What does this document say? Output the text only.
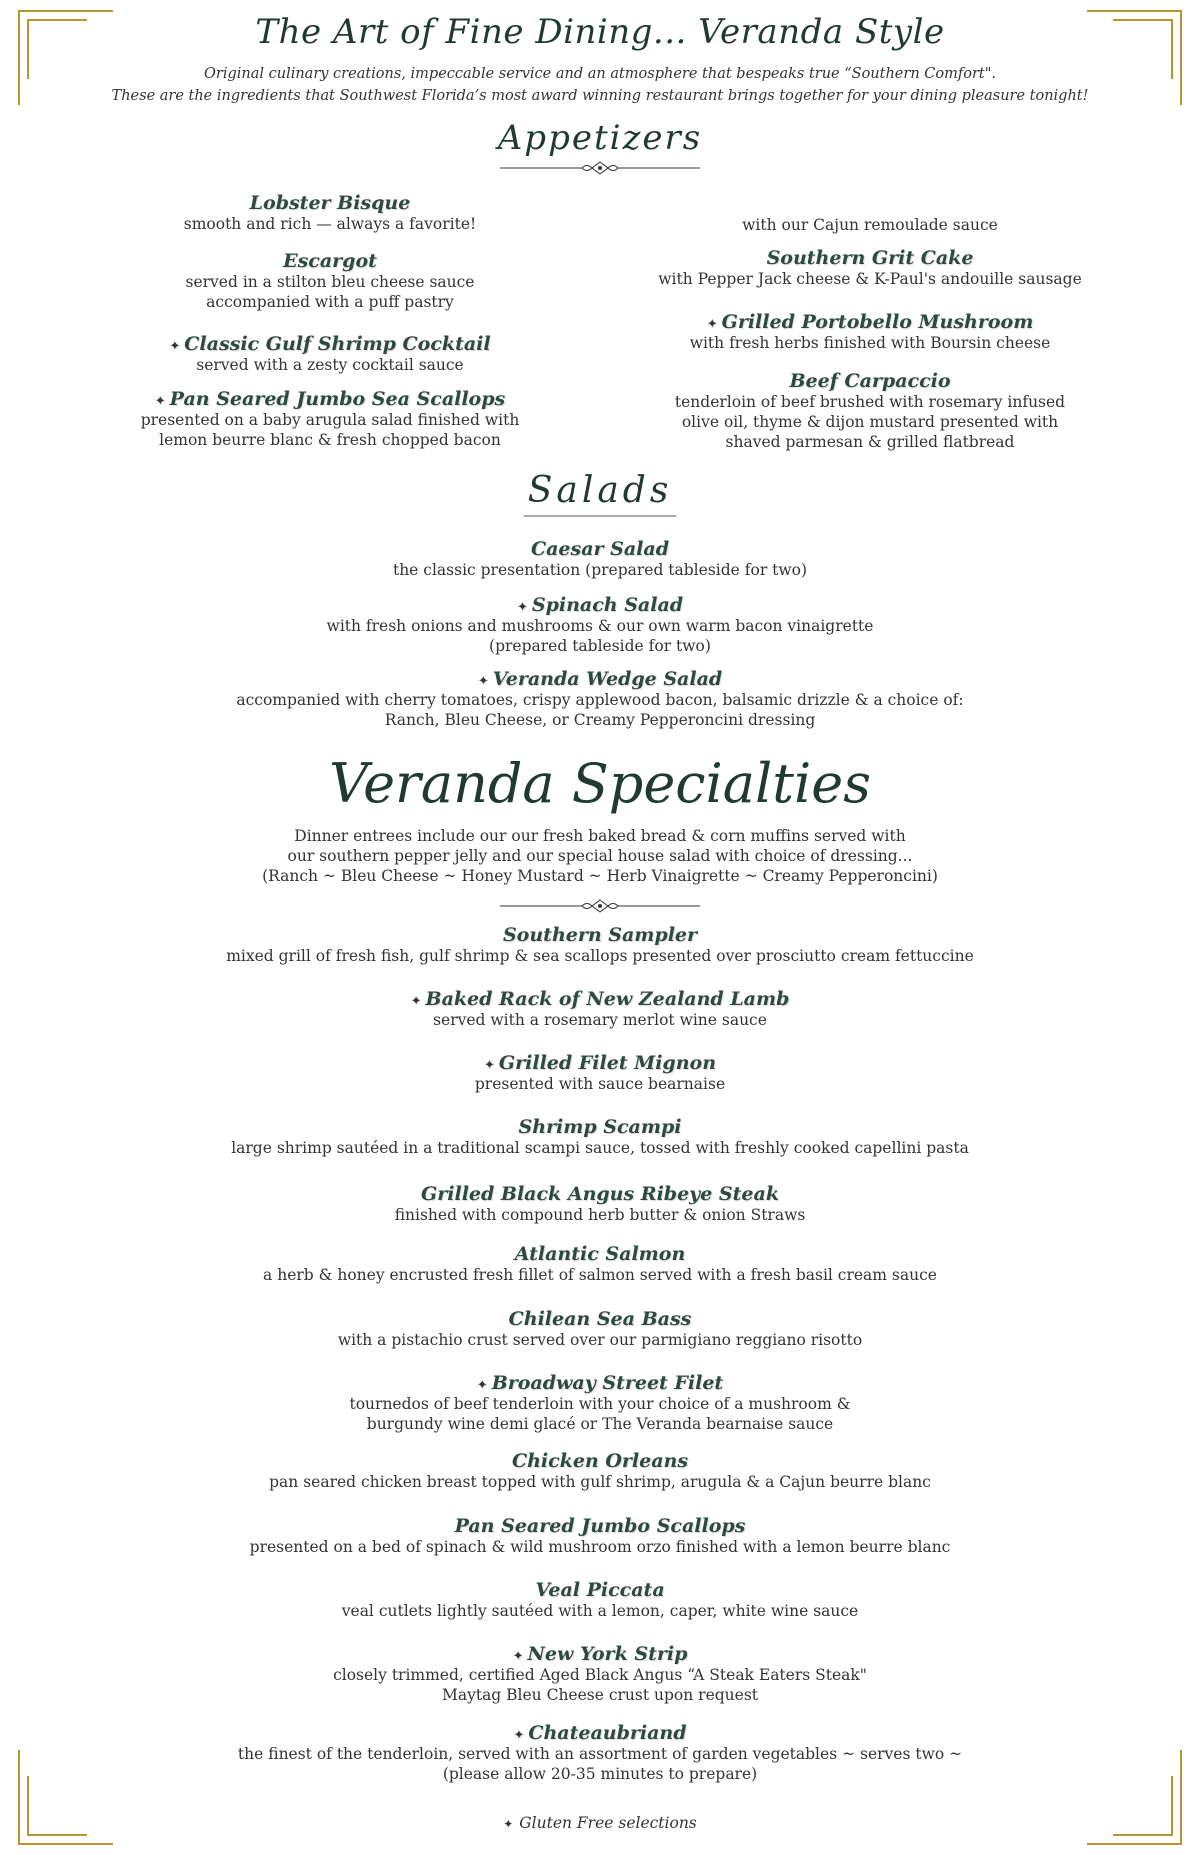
The Art of Fine Dining... Veranda Style
Original culinary creations, impeccable service and an atmosphere that bespeaks true “Southern Comfort".
These are the ingredients that Southwest Florida’s most award winning restaurant brings together for your dining pleasure tonight!
Appetizers
Lobster Bisque
smooth and rich — always a favorite!
Escargot
served in a stilton bleu cheese sauce
accompanied with a puff pastry
✦ Classic Gulf Shrimp Cocktail
served with a zesty cocktail sauce
✦ Pan Seared Jumbo Sea Scallops
presented on a baby arugula salad finished with
lemon beurre blanc & fresh chopped bacon
with our Cajun remoulade sauce
Southern Grit Cake
with Pepper Jack cheese & K-Paul's andouille sausage
✦ Grilled Portobello Mushroom
with fresh herbs finished with Boursin cheese
Beef Carpaccio
tenderloin of beef brushed with rosemary infused
olive oil, thyme & dijon mustard presented with
shaved parmesan & grilled flatbread
Salads
Caesar Salad
the classic presentation (prepared tableside for two)
✦ Spinach Salad
with fresh onions and mushrooms & our own warm bacon vinaigrette
(prepared tableside for two)
✦ Veranda Wedge Salad
accompanied with cherry tomatoes, crispy applewood bacon, balsamic drizzle & a choice of:
Ranch, Bleu Cheese, or Creamy Pepperoncini dressing
Veranda Specialties
Dinner entrees include our our fresh baked bread & corn muffins served with
our southern pepper jelly and our special house salad with choice of dressing...
(Ranch ~ Bleu Cheese ~ Honey Mustard ~ Herb Vinaigrette ~ Creamy Pepperoncini)
Southern Sampler
mixed grill of fresh fish, gulf shrimp & sea scallops presented over prosciutto cream fettuccine
✦ Baked Rack of New Zealand Lamb
served with a rosemary merlot wine sauce
✦ Grilled Filet Mignon
presented with sauce bearnaise
Shrimp Scampi
large shrimp sautéed in a traditional scampi sauce, tossed with freshly cooked capellini pasta
Grilled Black Angus Ribeye Steak
finished with compound herb butter & onion Straws
Atlantic Salmon
a herb & honey encrusted fresh fillet of salmon served with a fresh basil cream sauce
Chilean Sea Bass
with a pistachio crust served over our parmigiano reggiano risotto
✦ Broadway Street Filet
tournedos of beef tenderloin with your choice of a mushroom &
burgundy wine demi glacé or The Veranda bearnaise sauce
Chicken Orleans
pan seared chicken breast topped with gulf shrimp, arugula & a Cajun beurre blanc
Pan Seared Jumbo Scallops
presented on a bed of spinach & wild mushroom orzo finished with a lemon beurre blanc
Veal Piccata
veal cutlets lightly sautéed with a lemon, caper, white wine sauce
✦ New York Strip
closely trimmed, certified Aged Black Angus “A Steak Eaters Steak"
Maytag Bleu Cheese crust upon request
✦ Chateaubriand
the finest of the tenderloin, served with an assortment of garden vegetables ~ serves two ~
(please allow 20-35 minutes to prepare)
✦ Gluten Free selections
